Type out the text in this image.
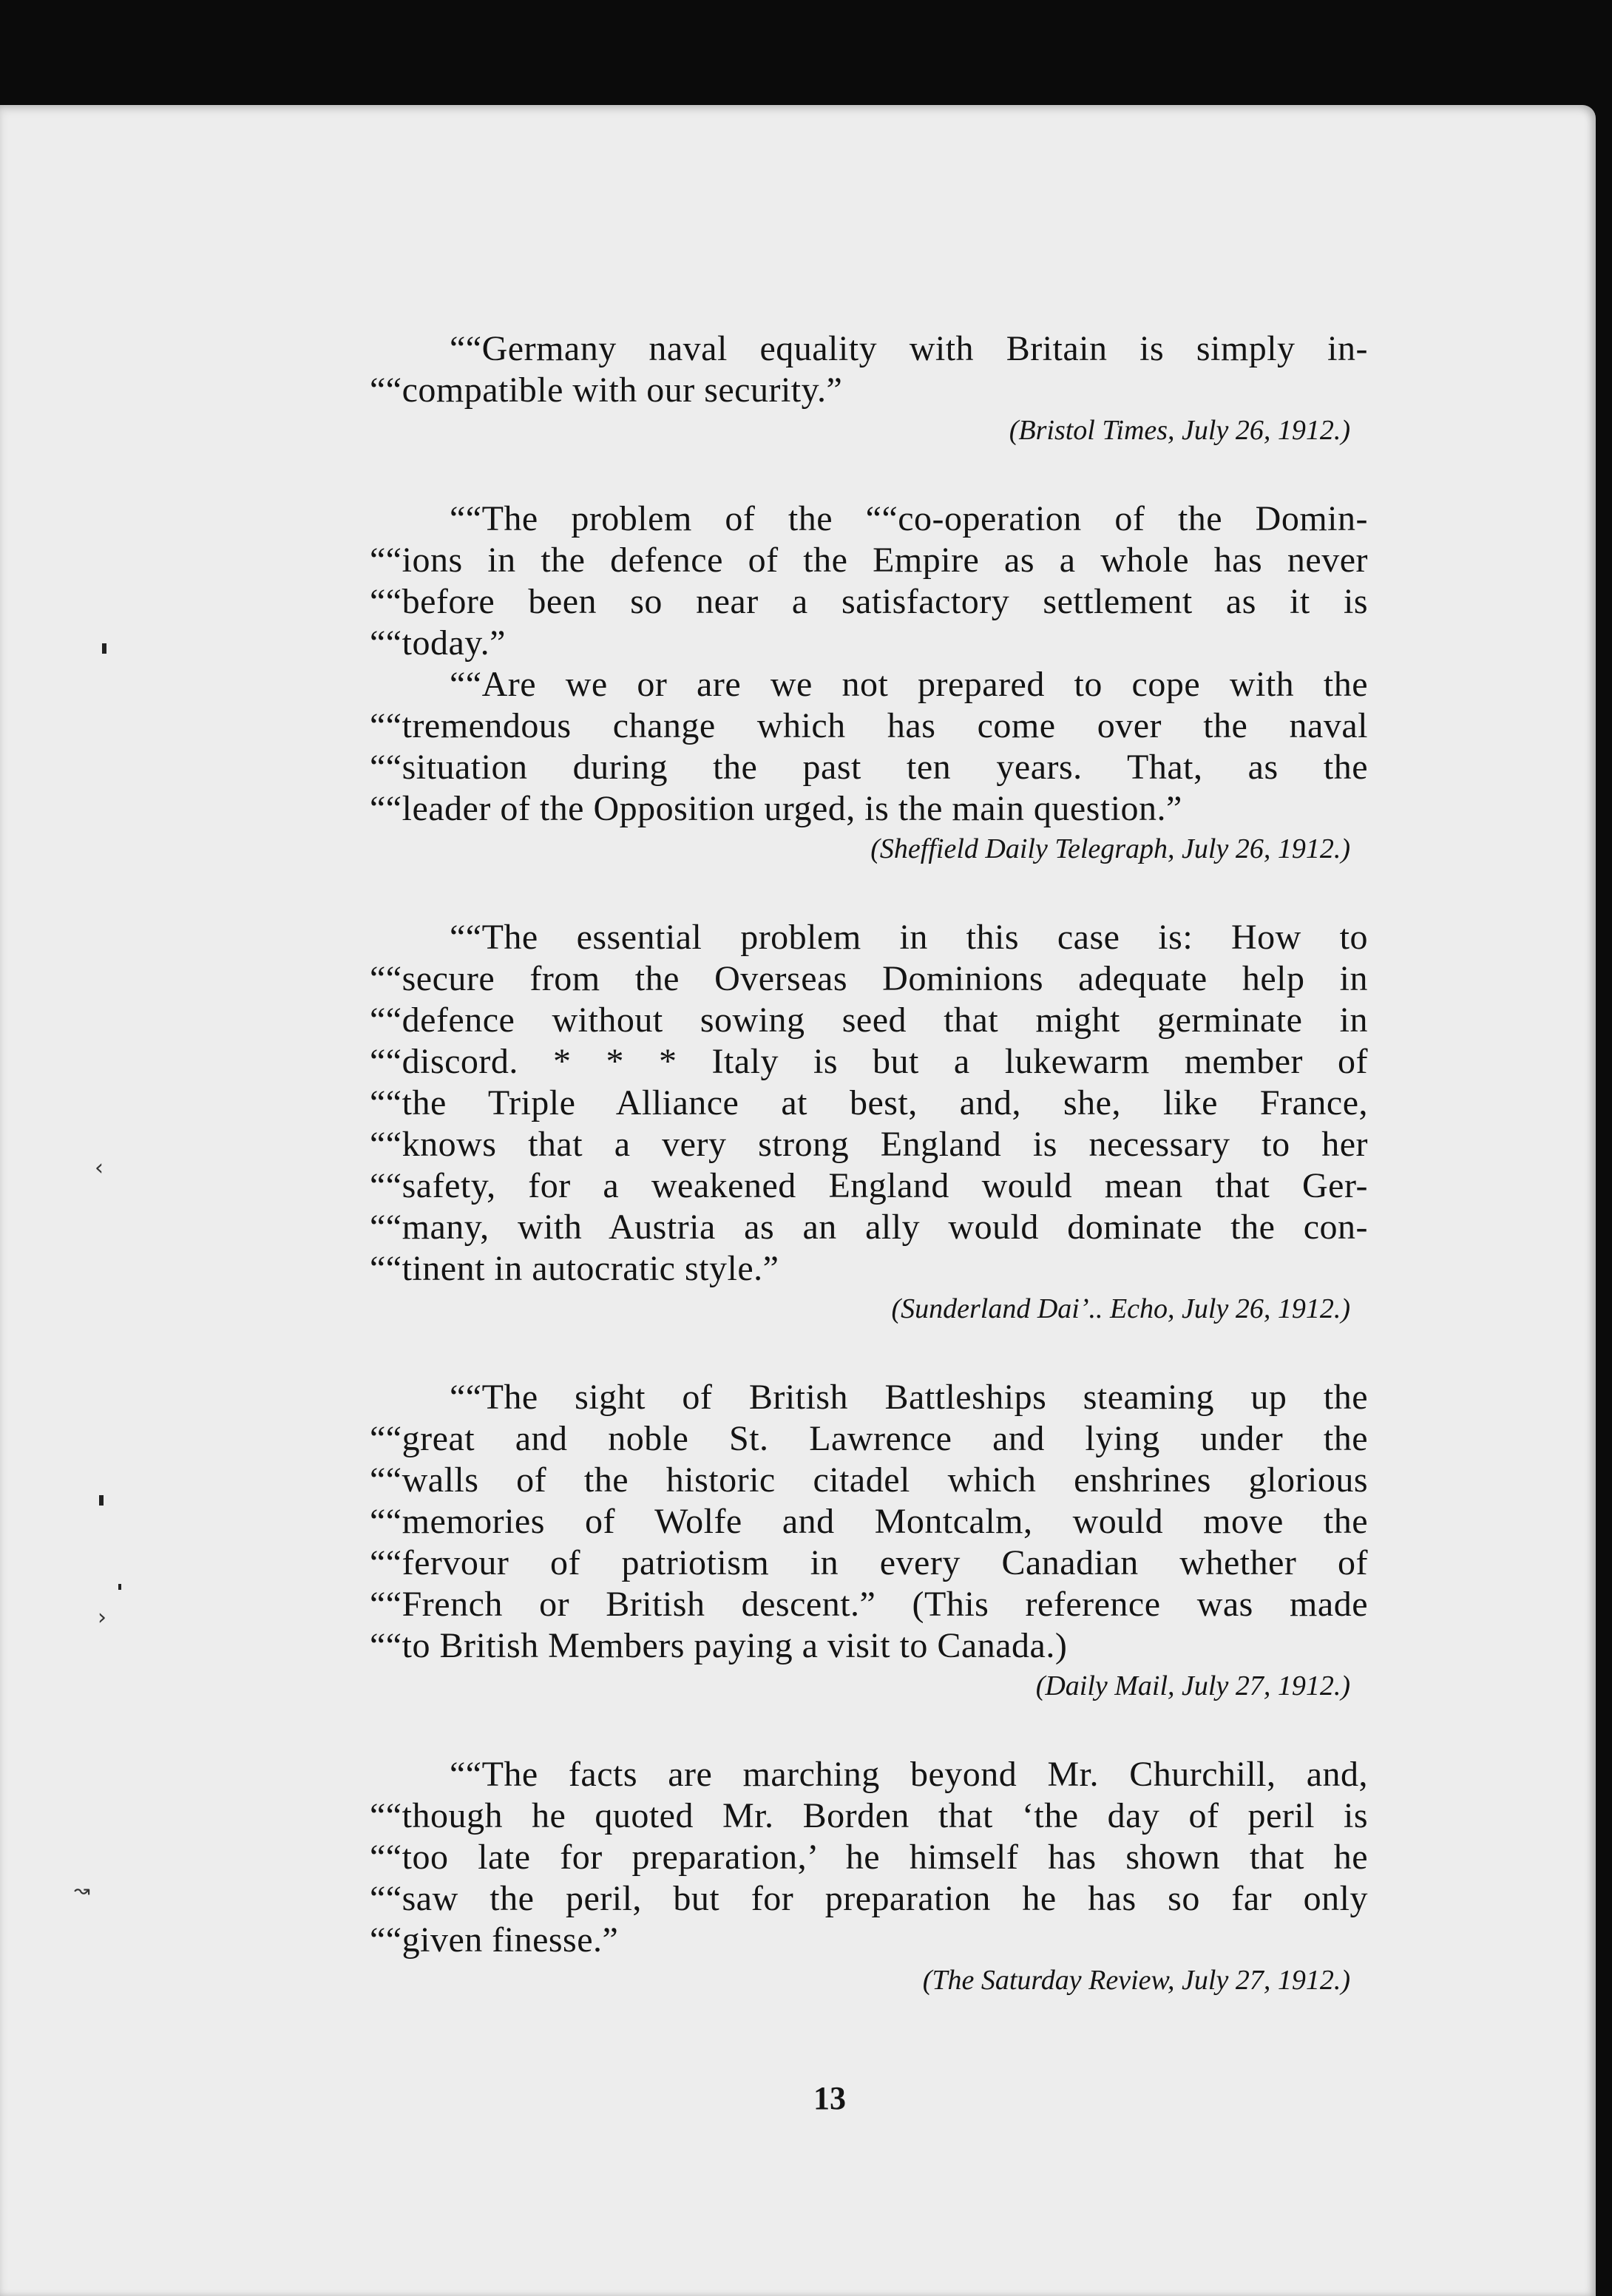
““Germany naval equality with Britain is simply in-
““compatible with our security.”
(Bristol Times, July 26, 1912.)
““The problem of the ““co-operation of the Domin-
““ions in the defence of the Empire as a whole has never
““before been so near a satisfactory settlement as it is
““today.”
““Are we or are we not prepared to cope with the
““tremendous change which has come over the naval
““situation during the past ten years. That, as the
““leader of the Opposition urged, is the main question.”
(Sheffield Daily Telegraph, July 26, 1912.)
““The essential problem in this case is: How to
““secure from the Overseas Dominions adequate help in
““defence without sowing seed that might germinate in
““discord. * * * Italy is but a lukewarm member of
““the Triple Alliance at best, and, she, like France,
““knows that a very strong England is necessary to her
““safety, for a weakened England would mean that Ger-
““many, with Austria as an ally would dominate the con-
““tinent in autocratic style.”
(Sunderland Daiʼ.. Echo, July 26, 1912.)
““The sight of British Battleships steaming up the
““great and noble St. Lawrence and lying under the
““walls of the historic citadel which enshrines glorious
““memories of Wolfe and Montcalm, would move the
““fervour of patriotism in every Canadian whether of
““French or British descent.” (This reference was made
““to British Members paying a visit to Canada.)
(Daily Mail, July 27, 1912.)
““The facts are marching beyond Mr. Churchill, and,
““though he quoted Mr. Borden that ‘the day of peril is
““too late for preparation,’ he himself has shown that he
““saw the peril, but for preparation he has so far only
““given finesse.”
(The Saturday Review, July 27, 1912.)
13
‹
›
↝
